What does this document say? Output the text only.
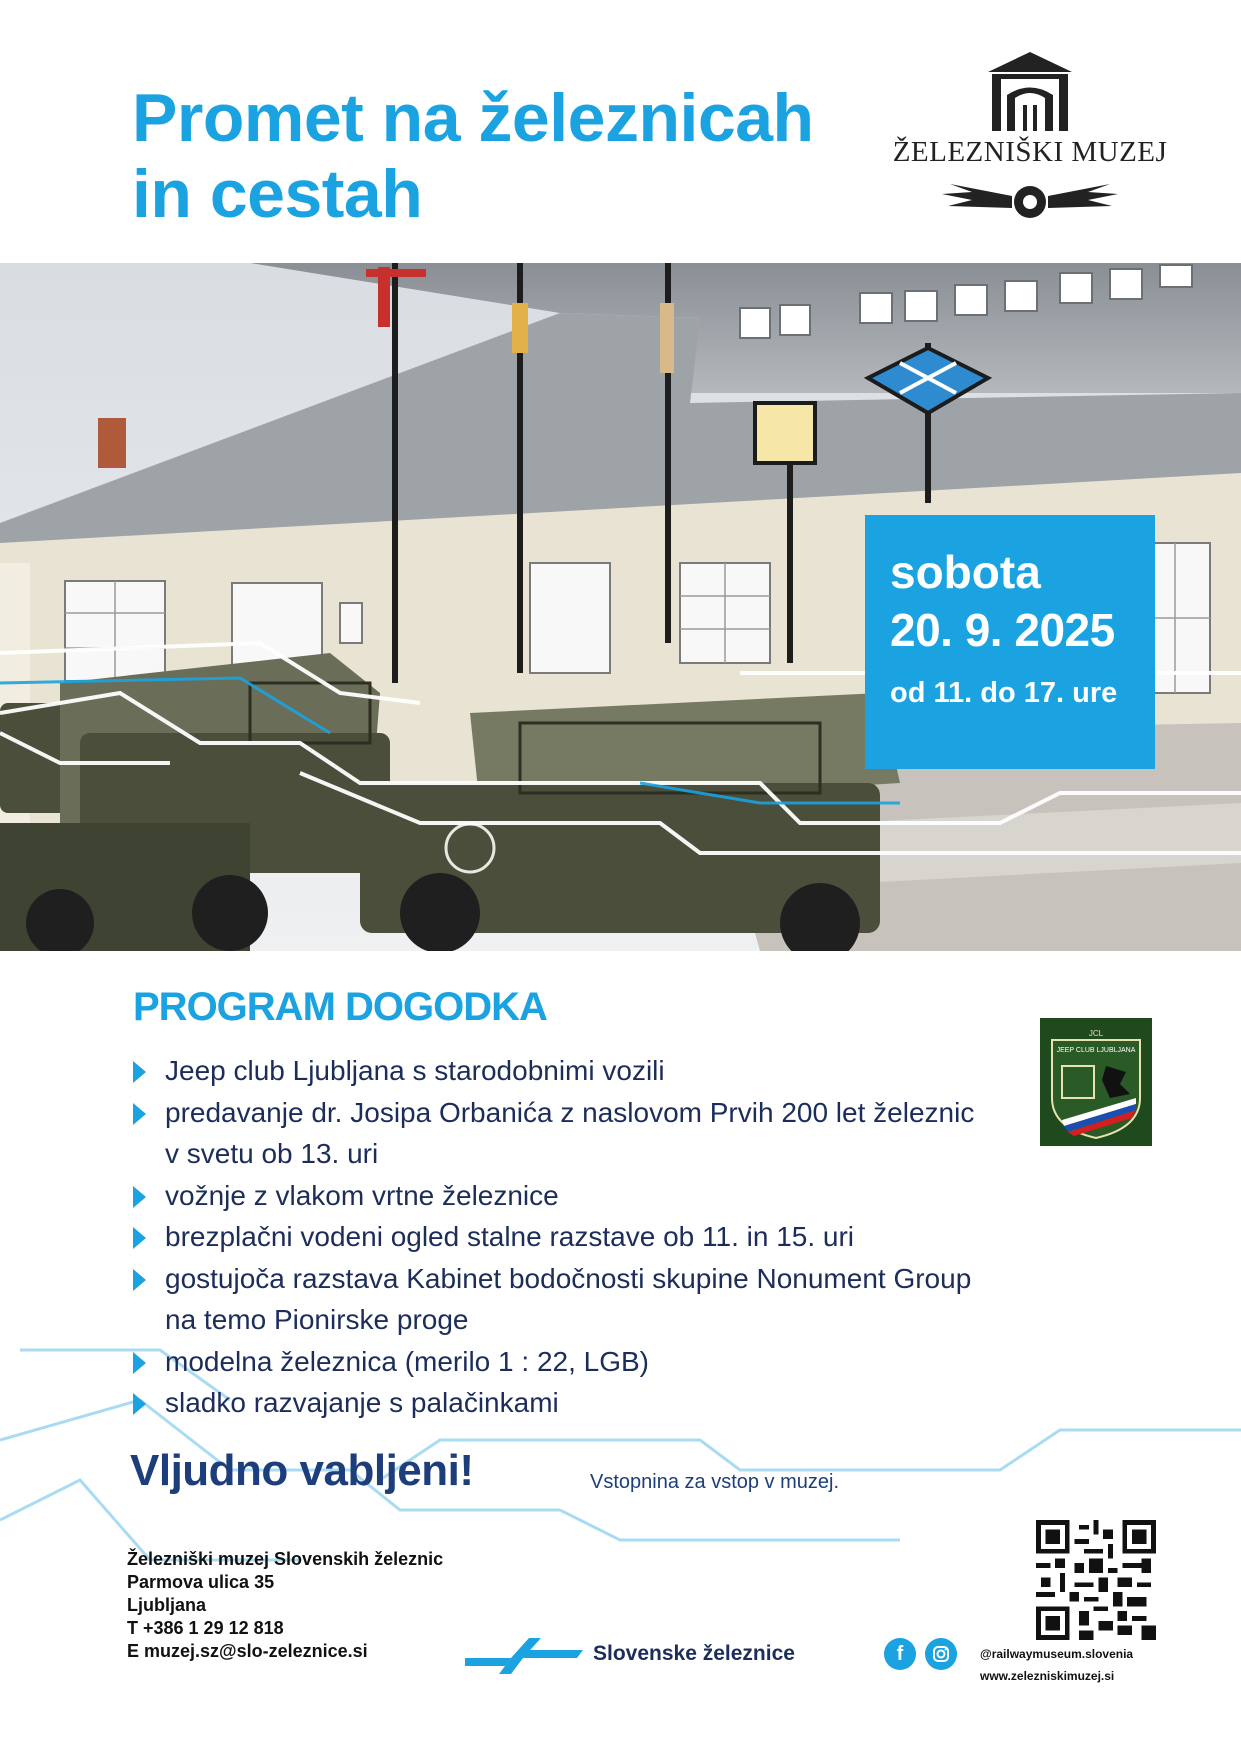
Promet na železnicah
in cestah
ŽELEZNIŠKI MUZEJ
sobota
20. 9. 2025
od 11. do 17. ure
PROGRAM DOGODKA
Jeep club Ljubljana s starodobnimi vozili
predavanje dr. Josipa Orbanića z naslovom Prvih 200 let železnic
v svetu ob 13. uri
vožnje z vlakom vrtne železnice
brezplačni vodeni ogled stalne razstave ob 11. in 15. uri
gostujoča razstava Kabinet bodočnosti skupine Nonument Group
na temo Pionirske proge
modelna železnica (merilo 1 : 22, LGB)
sladko razvajanje s palačinkami
JCL
JEEP CLUB LJUBLJANA
Vljudno vabljeni!	Vstopnina za vstop v muzej.
Železniški muzej Slovenskih železnic
Parmova ulica 35
Ljubljana
T +386 1 29 12 818
E muzej.sz@slo-zeleznice.si	Slovenske železnice	f	@railwaymuseum.slovenia
www.zelezniskimuzej.si
